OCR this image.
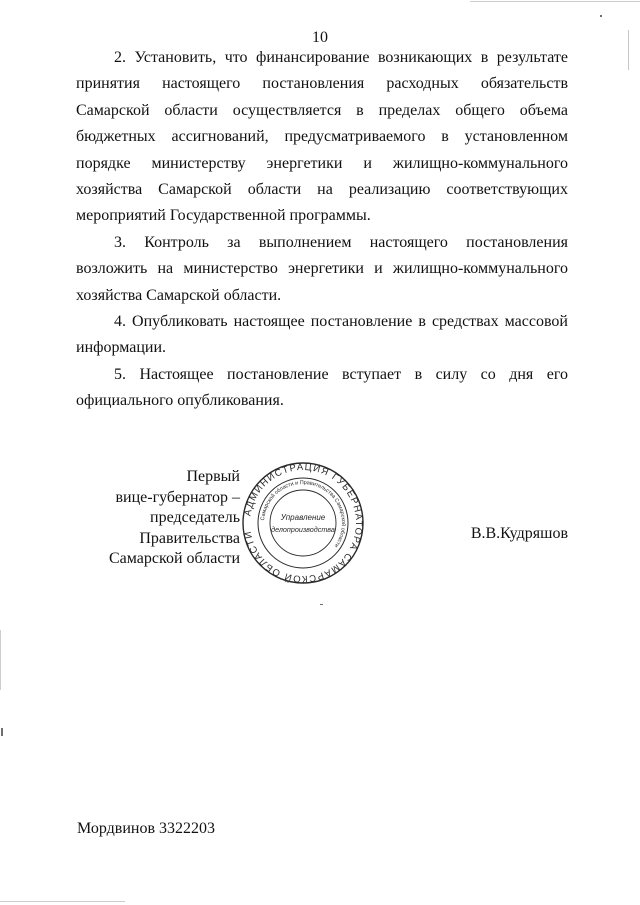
10

2. Установить, что финансирование возникающих в результате принятия настоящего постановления расходных обязательств Самарской области осуществляется в пределах общего объема бюджетных ассигнований, предусматриваемого в установленном порядке министерству энергетики и жилищно-коммунального хозяйства Самарской области на реализацию соответствующих мероприятий Государственной программы.

3. Контроль за выполнением настоящего постановления возложить на министерство энергетики и жилищно-коммунального хозяйства Самарской области.

4. Опубликовать настоящее постановление в средствах массовой информации.

5. Настоящее постановление вступает в силу со дня его официального опубликования.

Первый
вице-губернатор –
председатель Правительства
Самарской области
АДМИНИСТРАЦИЯ ГУБЕРНАТОРА САМАРСКОЙ ОБЛАСТИ
Самарской области и Правительства Самарской области
Управление
делопроизводства	В.В.Кудряшов
Мордвинов 3322203
